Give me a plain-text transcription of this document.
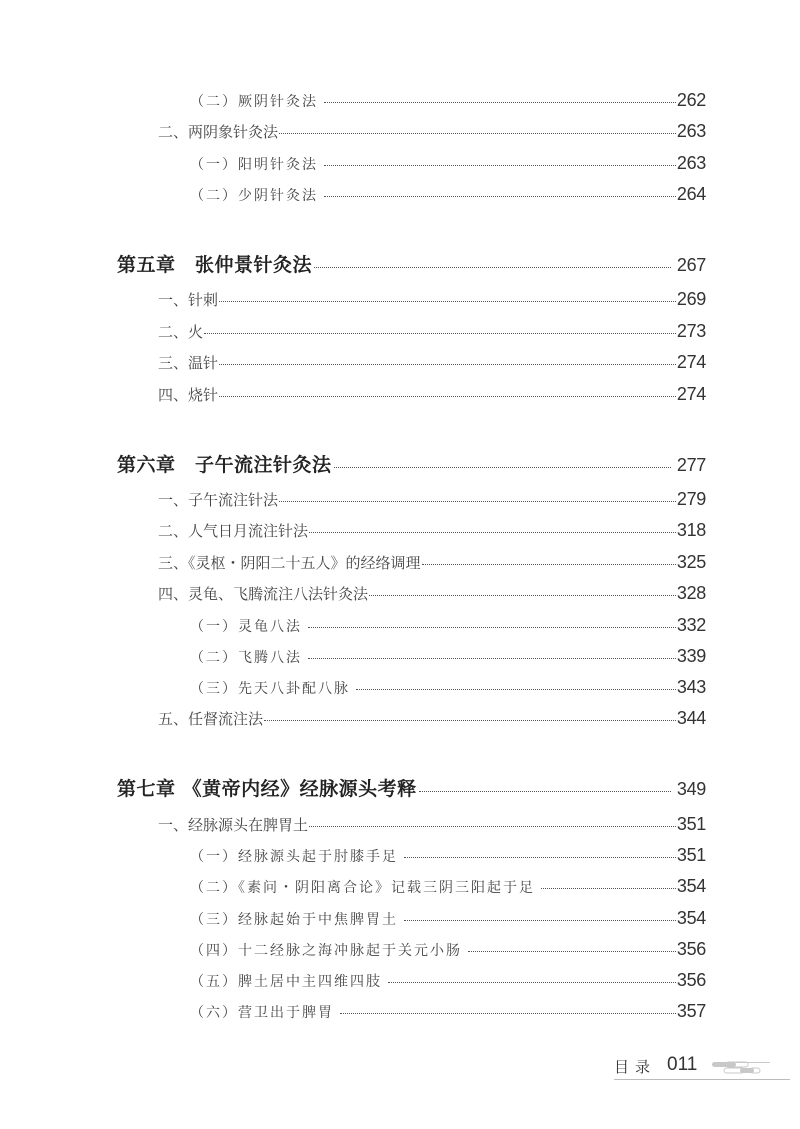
（二）厥阴针灸法	262
二、两阴象针灸法	263
（一）阳明针灸法	263
（二）少阴针灸法	264
第五章　张仲景针灸法	267
一、针刺	269
二、火	273
三、温针	274
四、烧针	274
第六章　子午流注针灸法	277
一、子午流注针法	279
二、人气日月流注针法	318
三、《灵枢・阴阳二十五人》的经络调理	325
四、灵龟、飞腾流注八法针灸法	328
（一）灵龟八法	332
（二）飞腾八法	339
（三）先天八卦配八脉	343
五、任督流注法	344
第七章 《黄帝内经》经脉源头考释	349
一、经脉源头在脾胃土	351
（一）经脉源头起于肘膝手足	351
（二）《素问・阴阳离合论》记载三阴三阳起于足	354
（三）经脉起始于中焦脾胃土	354
（四）十二经脉之海冲脉起于关元小肠	356
（五）脾土居中主四维四肢	356
（六）营卫出于脾胃	357
目录 011
